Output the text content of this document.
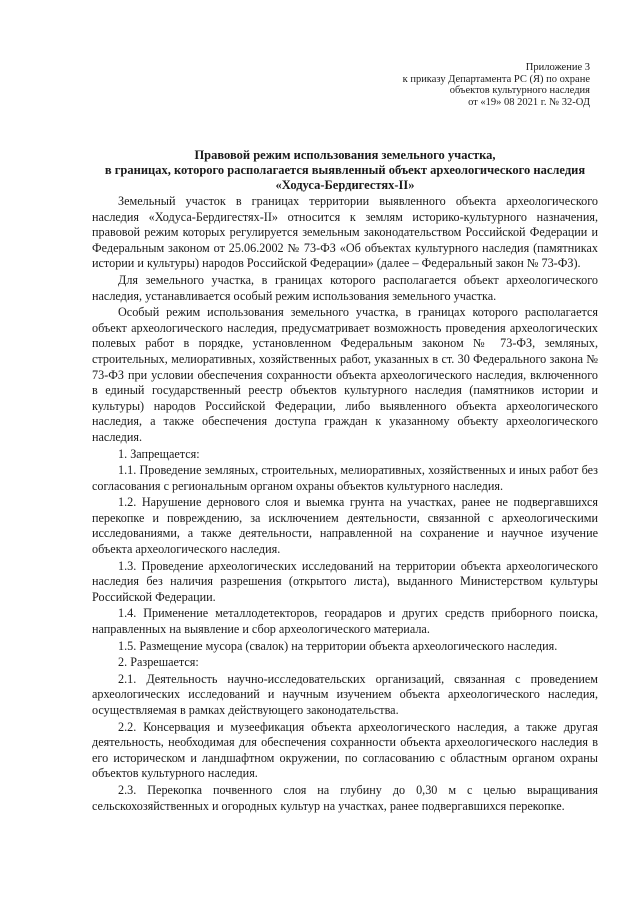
Приложение 3
к приказу Департамента РС (Я) по охране
объектов культурного наследия
от «19» 08 2021 г. № 32-ОД
Правовой режим использования земельного участка,
в границах, которого располагается выявленный объект археологического наследия
«Ходуса-Бердигестях-II»

Земельный участок в границах территории выявленного объекта археологического наследия «Ходуса-Бердигестях-II» относится к землям историко-культурного назначения, правовой режим которых регулируется земельным законодательством Российской Федерации и Федеральным законом от 25.06.2002 № 73-ФЗ «Об объектах культурного наследия (памятниках истории и культуры) народов Российской Федерации» (далее – Федеральный закон № 73-ФЗ).

Для земельного участка, в границах которого располагается объект археологического наследия, устанавливается особый режим использования земельного участка.

Особый режим использования земельного участка, в границах которого располагается объект археологического наследия, предусматривает возможность проведения археологических полевых работ в порядке, установленном Федеральным законом № 73-ФЗ, земляных, строительных, мелиоративных, хозяйственных работ, указанных в ст. 30 Федерального закона № 73-ФЗ при условии обеспечения сохранности объекта археологического наследия, включенного в единый государственный реестр объектов культурного наследия (памятников истории и культуры) народов Российской Федерации, либо выявленного объекта археологического наследия, а также обеспечения доступа граждан к указанному объекту археологического наследия.

1. Запрещается:

1.1. Проведение земляных, строительных, мелиоративных, хозяйственных и иных работ без согласования с региональным органом охраны объектов культурного наследия.

1.2. Нарушение дернового слоя и выемка грунта на участках, ранее не подвергавшихся перекопке и повреждению, за исключением деятельности, связанной с археологическими исследованиями, а также деятельности, направленной на сохранение и научное изучение объекта археологического наследия.

1.3. Проведение археологических исследований на территории объекта археологического наследия без наличия разрешения (открытого листа), выданного Министерством культуры Российской Федерации.

1.4. Применение металлодетекторов, георадаров и других средств приборного поиска, направленных на выявление и сбор археологического материала.

1.5. Размещение мусора (свалок) на территории объекта археологического наследия.

2. Разрешается:

2.1. Деятельность научно-исследовательских организаций, связанная с проведением археологических исследований и научным изучением объекта археологического наследия, осуществляемая в рамках действующего законодательства.

2.2. Консервация и музеефикация объекта археологического наследия, а также другая деятельность, необходимая для обеспечения сохранности объекта археологического наследия в его историческом и ландшафтном окружении, по согласованию с областным органом охраны объектов культурного наследия.

2.3. Перекопка почвенного слоя на глубину до 0,30 м с целью выращивания сельскохозяйственных и огородных культур на участках, ранее подвергавшихся перекопке.
